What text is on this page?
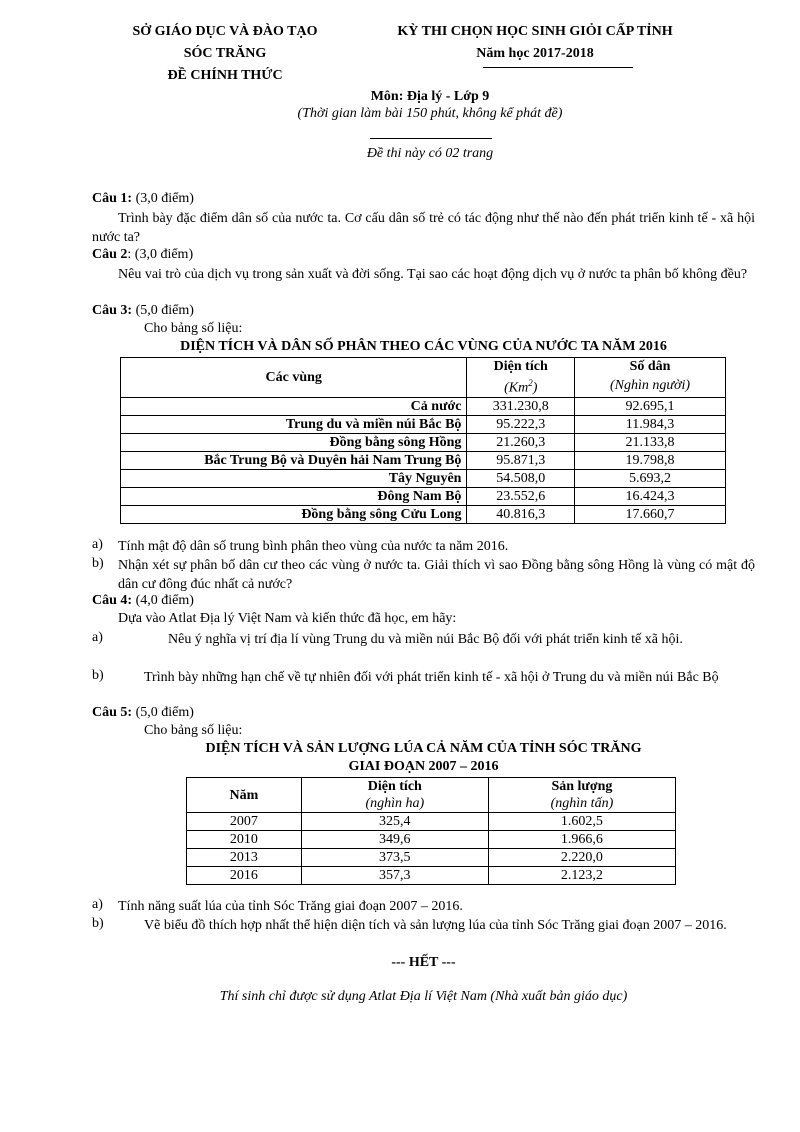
SỞ GIÁO DỤC VÀ ĐÀO TẠO
SÓC TRĂNG
ĐỀ CHÍNH THỨC
KỲ THI CHỌN HỌC SINH GIỎI CẤP TỈNH
Năm học 2017-2018
Môn: Địa lý - Lớp 9
(Thời gian làm bài 150 phút, không kể phát đề)
Đề thi này có 02 trang
Câu 1: (3,0 điểm)

Trình bày đặc điểm dân số của nước ta. Cơ cấu dân số trẻ có tác động như thế nào đến phát triển kinh tế - xã hội nước ta?

Câu 2: (3,0 điểm)

Nêu vai trò của dịch vụ trong sản xuất và đời sống. Tại sao các hoạt động dịch vụ ở nước ta phân bố không đều?

Câu 3: (5,0 điểm)
Cho bảng số liệu:
DIỆN TÍCH VÀ DÂN SỐ PHÂN THEO CÁC VÙNG CỦA NƯỚC TA NĂM 2016
Các vùng	Diện tích	Số dân
	(Km$^2$)	(Nghìn người)
Cả nước	331.230,8	92.695,1
Trung du và miền núi Bắc Bộ	95.222,3	11.984,3
Đồng bằng sông Hồng	21.260,3	21.133,8
Bắc Trung Bộ và Duyên hải Nam Trung Bộ	95.871,3	19.798,8
Tây Nguyên	54.508,0	5.693,2
Đông Nam Bộ	23.552,6	16.424,3
Đồng bằng sông Cửu Long	40.816,3	17.660,7
a) Tính mật độ dân số trung bình phân theo vùng của nước ta năm 2016.
b) Nhận xét sự phân bố dân cư theo các vùng ở nước ta. Giải thích vì sao Đồng bằng sông Hồng là vùng có mật độ dân cư đông đúc nhất cả nước?
Câu 4: (4,0 điểm)
Dựa vào Atlat Địa lý Việt Nam và kiến thức đã học, em hãy:
a)	Nêu ý nghĩa vị trí địa lí vùng Trung du và miền núi Bắc Bộ đối với phát triển kinh tế xã hội.
b)	Trình bày những hạn chế về tự nhiên đối với phát triển kinh tế - xã hội ở Trung du và miền núi Bắc Bộ
Câu 5: (5,0 điểm)
Cho bảng số liệu:
DIỆN TÍCH VÀ SẢN LƯỢNG LÚA CẢ NĂM CỦA TỈNH SÓC TRĂNG
GIAI ĐOẠN 2007 – 2016
Năm	Diện tích	Sản lượng
	(nghìn ha)	(nghìn tấn)
2007	325,4	1.602,5
2010	349,6	1.966,6
2013	373,5	2.220,0
2016	357,3	2.123,2
a) Tính năng suất lúa của tỉnh Sóc Trăng giai đoạn 2007 – 2016.
b)	Vẽ biểu đồ thích hợp nhất thể hiện diện tích và sản lượng lúa của tỉnh Sóc Trăng giai đoạn 2007 – 2016.
--- HẾT ---
Thí sinh chỉ được sử dụng Atlat Địa lí Việt Nam (Nhà xuất bản giáo dục)
